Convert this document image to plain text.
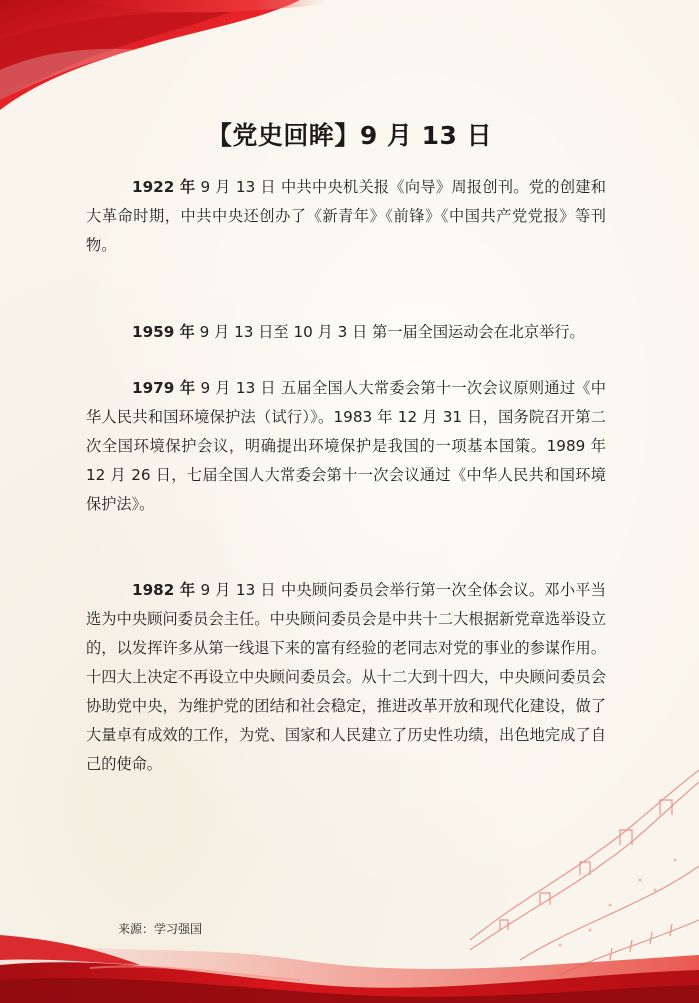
【党史回眸】9 月 13 日

1922 年 9 月 13 日 中共中央机关报《向导》周报创刊。党的创建和大革命时期，中共中央还创办了《新青年》《前锋》《中国共产党党报》等刊物。

1959 年 9 月 13 日至 10 月 3 日 第一届全国运动会在北京举行。

1979 年 9 月 13 日 五届全国人大常委会第十一次会议原则通过《中华人民共和国环境保护法（试行）》。1983 年 12 月 31 日，国务院召开第二次全国环境保护会议，明确提出环境保护是我国的一项基本国策。1989 年 12 月 26 日，七届全国人大常委会第十一次会议通过《中华人民共和国环境保护法》。

1982 年 9 月 13 日 中央顾问委员会举行第一次全体会议。邓小平当选为中央顾问委员会主任。中央顾问委员会是中共十二大根据新党章选举设立的，以发挥许多从第一线退下来的富有经验的老同志对党的事业的参谋作用。十四大上决定不再设立中央顾问委员会。从十二大到十四大，中央顾问委员会协助党中央，为维护党的团结和社会稳定，推进改革开放和现代化建设，做了大量卓有成效的工作，为党、国家和人民建立了历史性功绩，出色地完成了自己的使命。

来源：学习强国
